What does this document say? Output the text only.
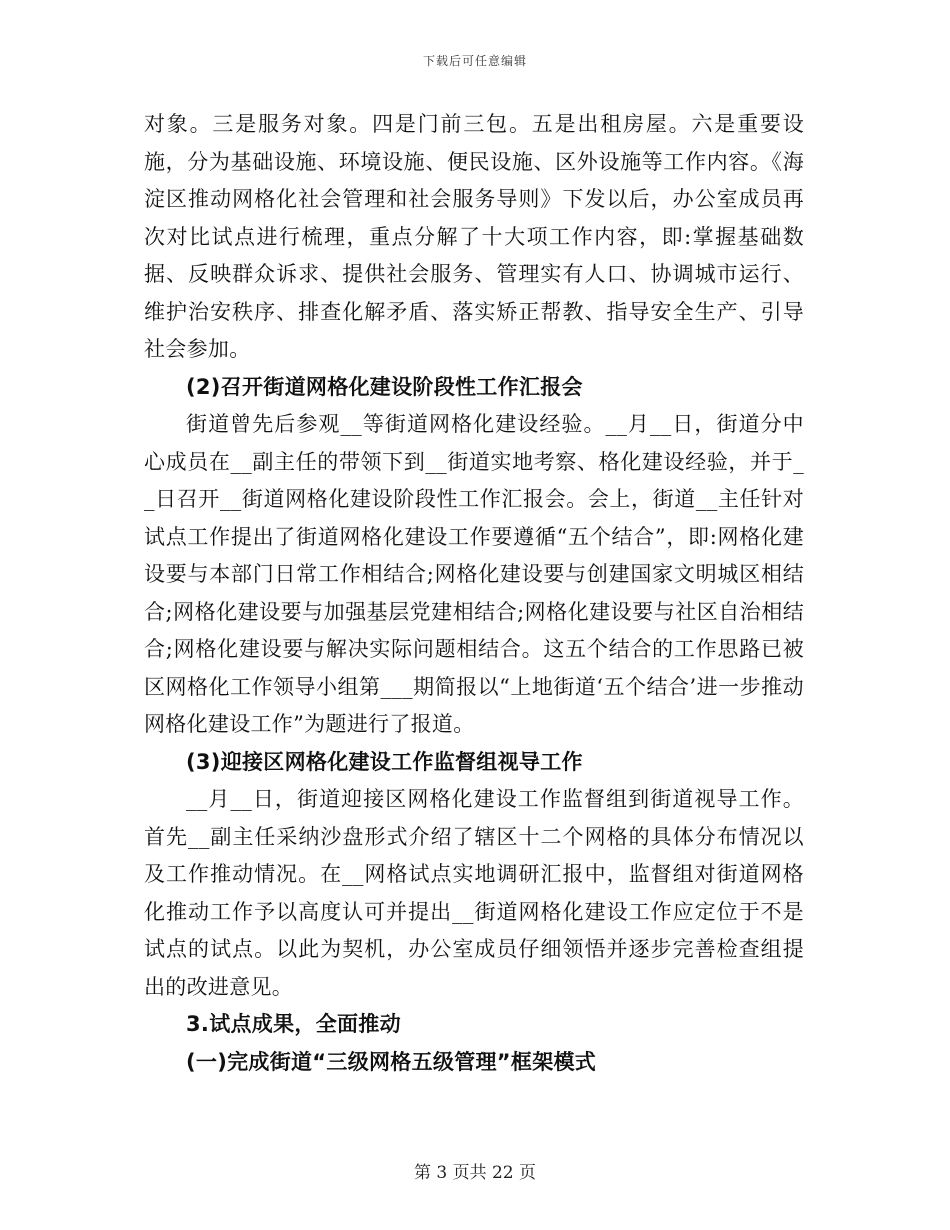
下载后可任意编辑

对象。三是服务对象。四是门前三包。五是出租房屋。六是重要设施，分为基础设施、环境设施、便民设施、区外设施等工作内容。《海淀区推动网格化社会管理和社会服务导则》下发以后，办公室成员再次对比试点进行梳理，重点分解了十大项工作内容，即:掌握基础数据、反映群众诉求、提供社会服务、管理实有人口、协调城市运行、维护治安秩序、排查化解矛盾、落实矫正帮教、指导安全生产、引导社会参加。

(2)召开街道网格化建设阶段性工作汇报会

街道曾先后参观__等街道网格化建设经验。__月__日，街道分中心成员在__副主任的带领下到__街道实地考察、格化建设经验，并于__日召开__街道网格化建设阶段性工作汇报会。会上，街道__主任针对试点工作提出了街道网格化建设工作要遵循“五个结合”，即:网格化建设要与本部门日常工作相结合;网格化建设要与创建国家文明城区相结合;网格化建设要与加强基层党建相结合;网格化建设要与社区自治相结合;网格化建设要与解决实际问题相结合。这五个结合的工作思路已被区网格化工作领导小组第___期简报以“上地街道‘五个结合’进一步推动网格化建设工作”为题进行了报道。

(3)迎接区网格化建设工作监督组视导工作

__月__日，街道迎接区网格化建设工作监督组到街道视导工作。首先__副主任采纳沙盘形式介绍了辖区十二个网格的具体分布情况以及工作推动情况。在__网格试点实地调研汇报中，监督组对街道网格化推动工作予以高度认可并提出__街道网格化建设工作应定位于不是试点的试点。以此为契机，办公室成员仔细领悟并逐步完善检查组提出的改进意见。

3.试点成果，全面推动

(一)完成街道“三级网格五级管理”框架模式

第 3 页共 22 页
